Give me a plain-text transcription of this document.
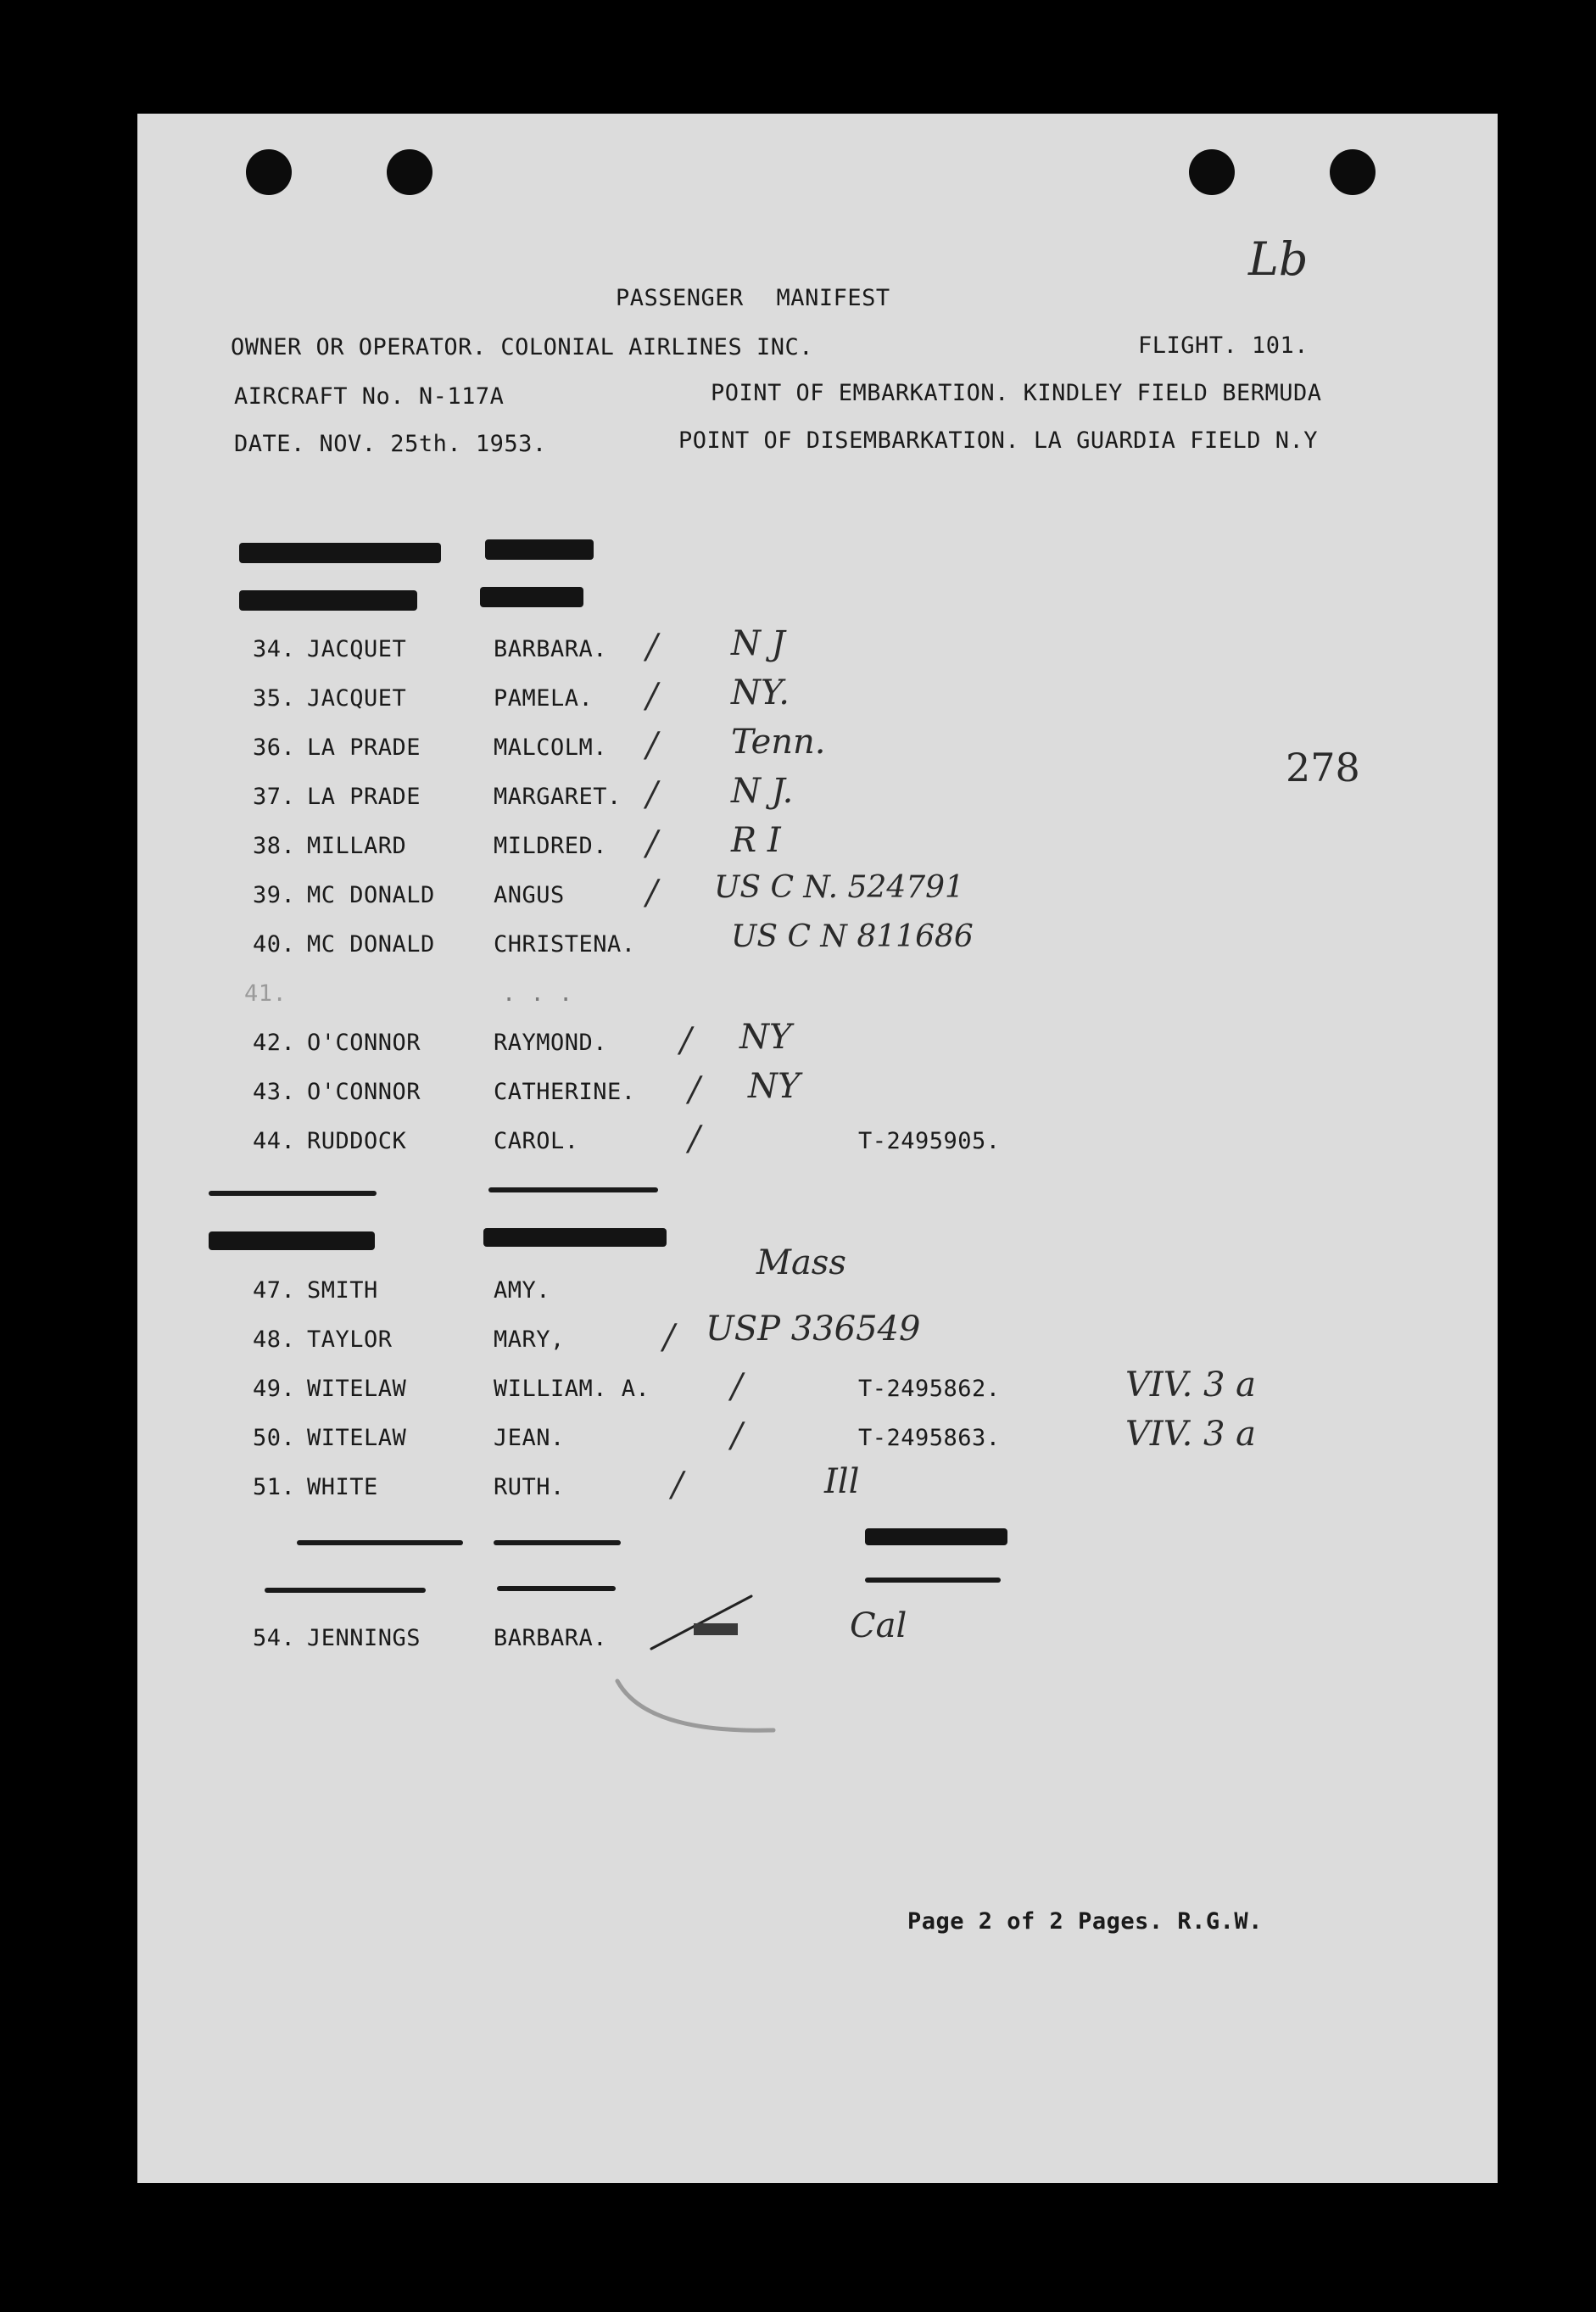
Lb
PASSENGER MANIFEST
OWNER OR OPERATOR. COLONIAL AIRLINES INC.	FLIGHT. 101.
AIRCRAFT No. N-117A	POINT OF EMBARKATION. KINDLEY FIELD BERMUDA
DATE. NOV. 25th. 1953.	POINT OF DISEMBARKATION. LA GUARDIA FIELD N.Y
278
34. JACQUET	BARBARA. / N J
35. JACQUET	PAMELA. / NY.
36. LA PRADE	MALCOLM. / Tenn.
37. LA PRADE	MARGARET. / N J.
38. MILLARD	MILDRED. / R I
39. MC DONALD	ANGUS / US C N. 524791
40. MC DONALD	CHRISTENA.	US C N 811686
41.	. . .
42. O'CONNOR	RAYMOND. / NY
43. O'CONNOR	CATHERINE. / NY
44. RUDDOCK	CAROL.	/	T-2495905.
47. SMITH	AMY.
Mass
48. TAYLOR	MARY,	/ USP 336549
49. WITELAW	WILLIAM. A. /	T-2495862.	VIV. 3 a
50. WITELAW	JEAN.	/	T-2495863.	VIV. 3 a
51. WHITE	RUTH.	/	Ill
54. JENNINGS	BARBARA.	Cal
Page 2 of 2 Pages. R.G.W.
